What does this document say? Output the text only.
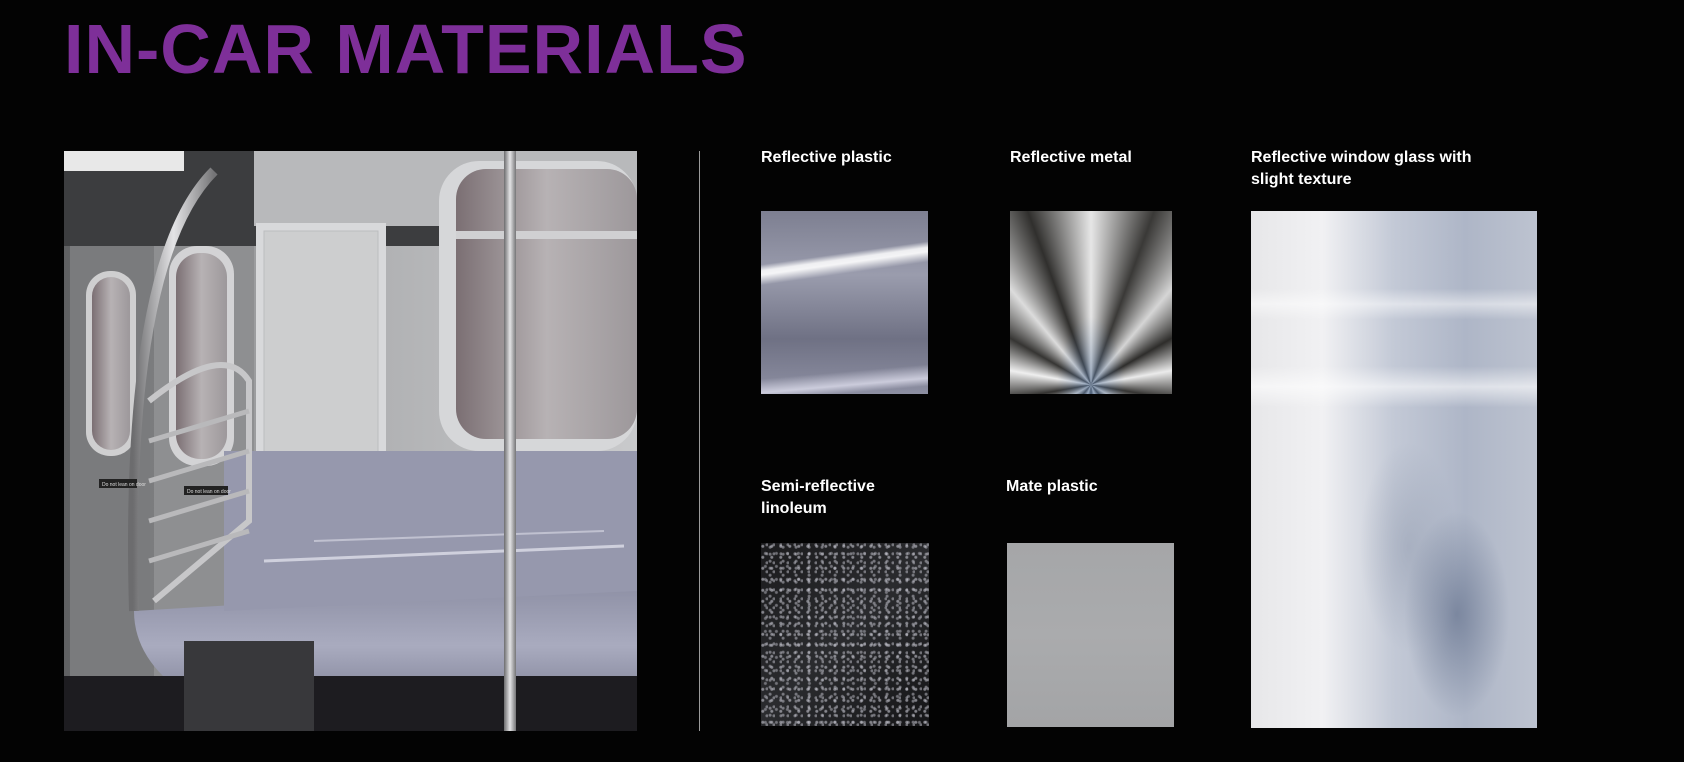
IN-CAR MATERIALS
Do not lean on door
Do not lean on door

Reflective plastic	Reflective metal	Reflective window glass with
slight texture

Semi-reflective
linoleum

Mate plastic
